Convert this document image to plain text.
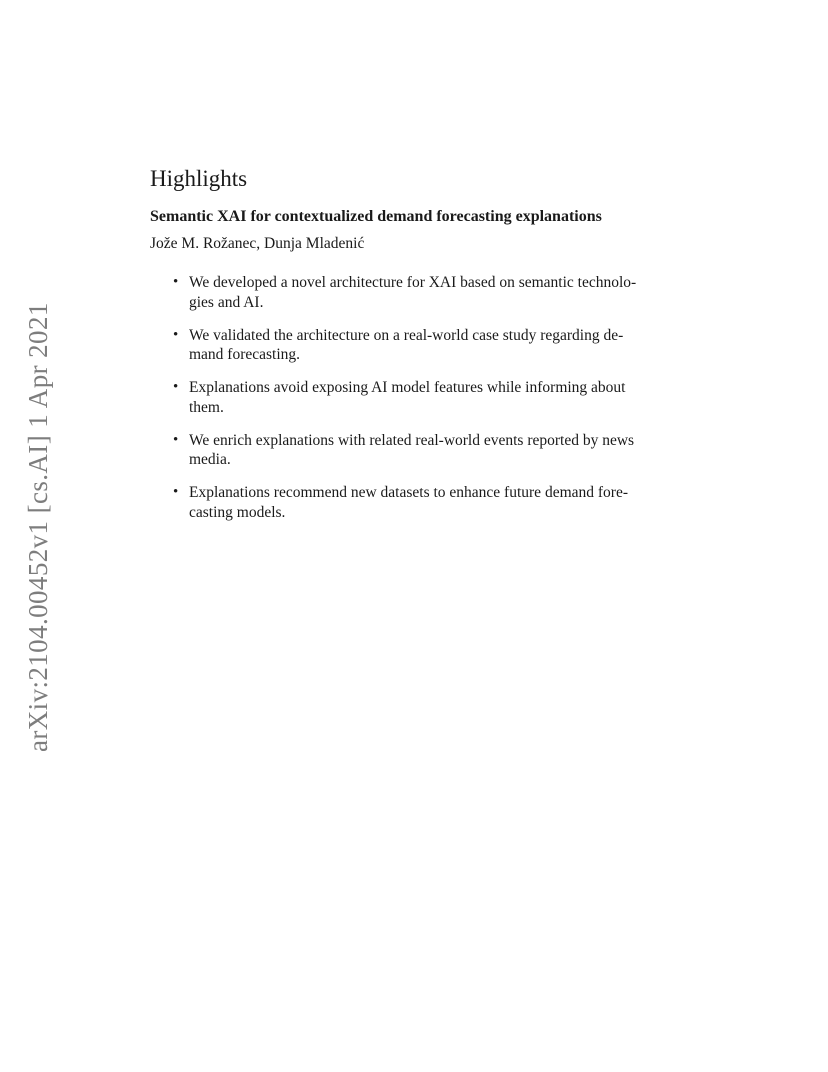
arXiv:2104.00452v1 [cs.AI] 1 Apr 2021
Highlights
Semantic XAI for contextualized demand forecasting explanations
Jože M. Rožanec, Dunja Mladenić
• We developed a novel architecture for XAI based on semantic technolo-
gies and AI.
• We validated the architecture on a real-world case study regarding de-
mand forecasting.
• Explanations avoid exposing AI model features while informing about
them.
• We enrich explanations with related real-world events reported by news
media.
• Explanations recommend new datasets to enhance future demand fore-
casting models.
